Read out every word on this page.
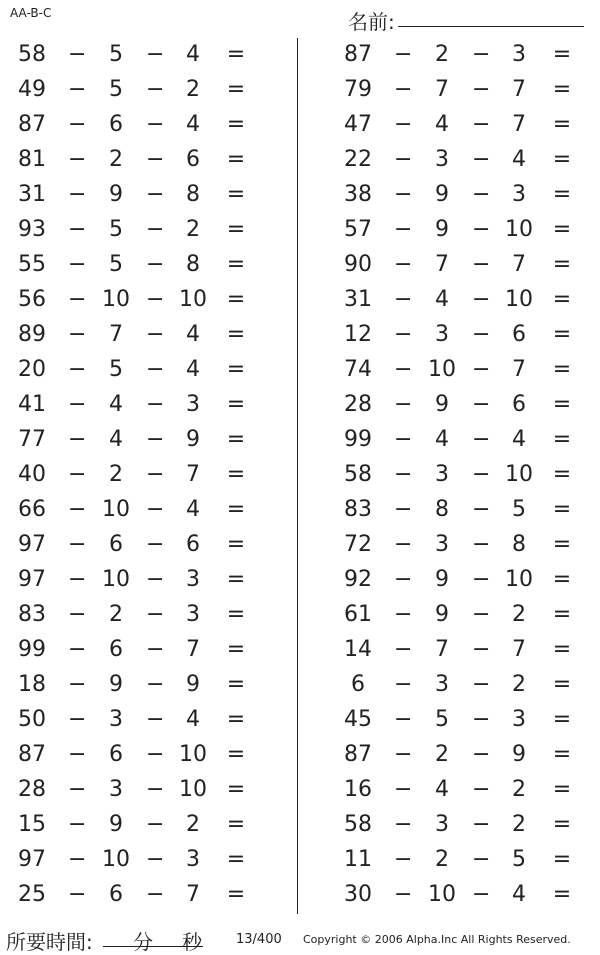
AA-B-C	名前:
58 −	5	− 4	=
49 −	5	− 2	=
87 −	6	− 4	=
81 −	2	− 6	=
31 −	9	− 8	=
93 −	5	− 2	=
55 −	5	− 8	=
56 − 10 − 10 =
89 −	7	− 4	=
20 −	5	− 4	=
41 −	4	− 3	=
77 −	4	− 9	=
40 −	2	− 7	=
66 − 10 − 4	=
97 −	6	− 6	=
97 − 10 − 3	=
83 −	2	− 3	=
99 −	6	− 7	=
18 −	9	− 9	=
50 −	3	− 4	=
87 −	6	− 10 =
28 −	3	− 10 =
15 −	9	− 2	=
97 − 10 − 3	=
25 −	6	− 7	=
87 −	2	− 3	=
79 −	7	− 7	=
47 −	4	− 7	=
22 −	3	− 4	=
38 −	9	− 3	=
57 −	9	− 10 =
90 −	7	− 7	=
31 −	4	− 10 =
12 −	3	− 6	=
74 − 10 − 7	=
28 −	9	− 6	=
99 −	4	− 4	=
58 −	3	− 10 =
83 −	8	− 5	=
72 −	3	− 8	=
92 −	9	− 10 =
61 −	9	− 2	=
14 −	7	− 7	=
6	−	3	− 2	=
45 −	5	− 3	=
87 −	2	− 9	=
16 −	4	− 2	=
58 −	3	− 2	=
11 −	2	− 5	=
30 − 10 − 4	=
所要時間: 分 秒	13/400 Copyright © 2006 Alpha.Inc All Rights Reserved.
